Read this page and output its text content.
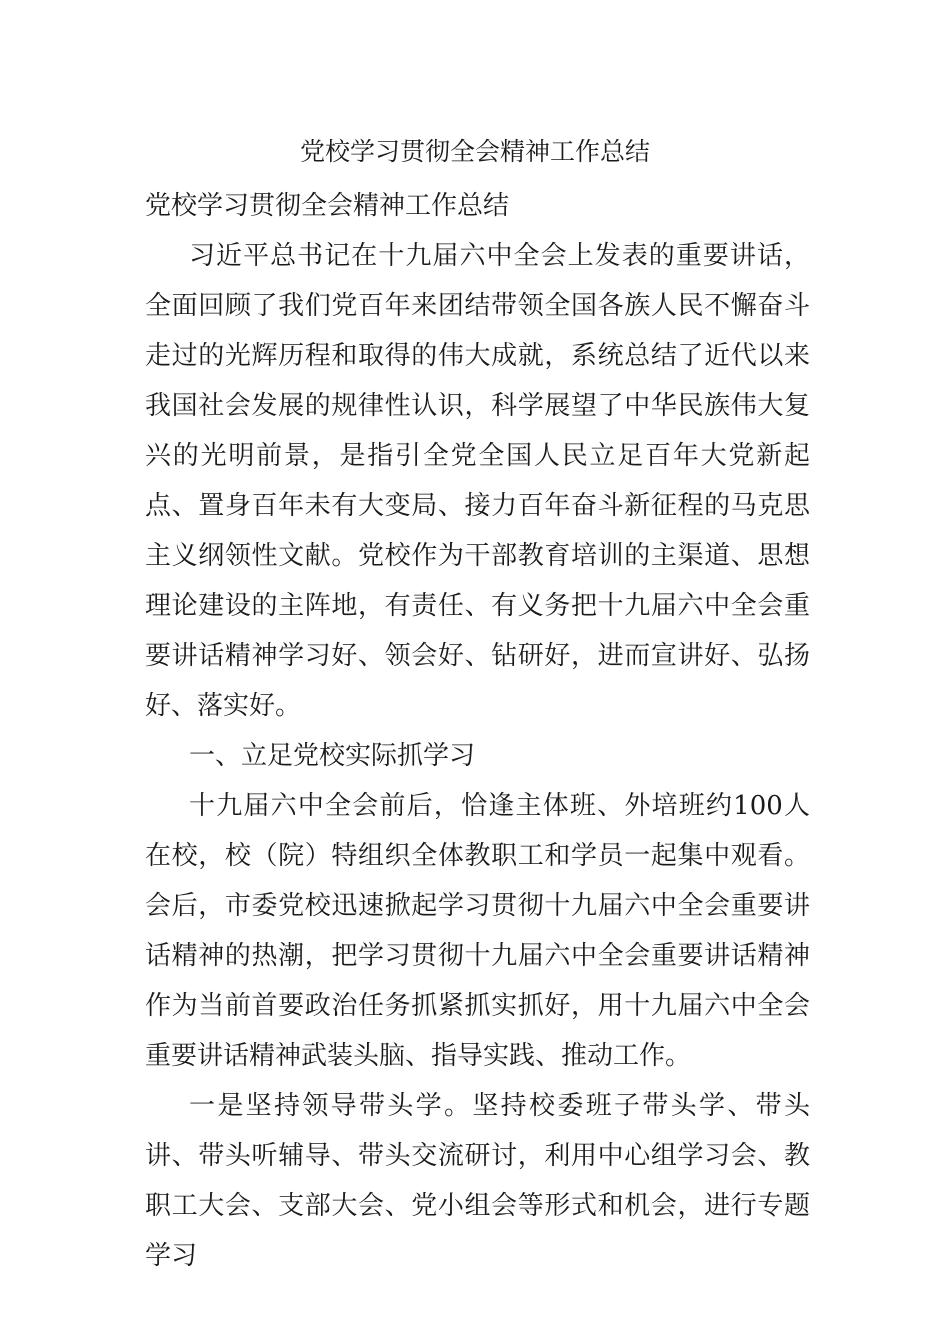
党校学习贯彻全会精神工作总结

党校学习贯彻全会精神工作总结

习近平总书记在十九届六中全会上发表的重要讲话，全面回顾了我们党百年来团结带领全国各族人民不懈奋斗走过的光辉历程和取得的伟大成就，系统总结了近代以来我国社会发展的规律性认识，科学展望了中华民族伟大复兴的光明前景，是指引全党全国人民立足百年大党新起点、置身百年未有大变局、接力百年奋斗新征程的马克思主义纲领性文献。党校作为干部教育培训的主渠道、思想理论建设的主阵地，有责任、有义务把十九届六中全会重要讲话精神学习好、领会好、钻研好，进而宣讲好、弘扬好、落实好。

一、立足党校实际抓学习

十九届六中全会前后，恰逢主体班、外培班约100人在校，校（院）特组织全体教职工和学员一起集中观看。会后，市委党校迅速掀起学习贯彻十九届六中全会重要讲话精神的热潮，把学习贯彻十九届六中全会重要讲话精神作为当前首要政治任务抓紧抓实抓好，用十九届六中全会重要讲话精神武装头脑、指导实践、推动工作。

一是坚持领导带头学。坚持校委班子带头学、带头讲、带头听辅导、带头交流研讨，利用中心组学习会、教职工大会、支部大会、党小组会等形式和机会，进行专题学习
